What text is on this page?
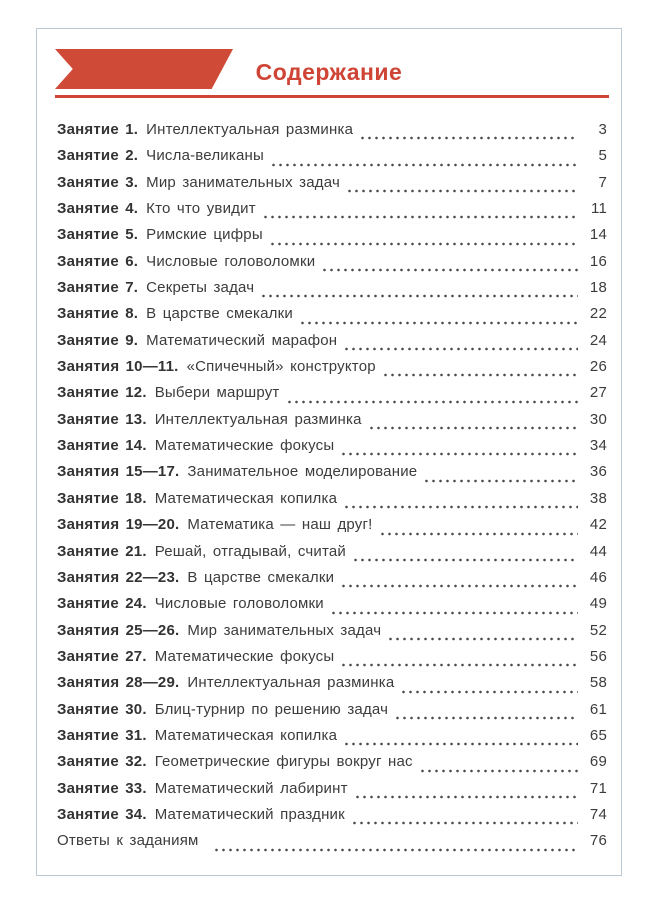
Содержание
Занятие 1. Интеллектуальная разминка	3
Занятие 2. Числа-великаны	5
Занятие 3. Мир занимательных задач	7
Занятие 4. Кто что увидит	11
Занятие 5. Римские цифры	14
Занятие 6. Числовые головоломки	16
Занятие 7. Секреты задач	18
Занятие 8. В царстве смекалки	22
Занятие 9. Математический марафон	24
Занятия 10—11. «Спичечный» конструктор	26
Занятие 12. Выбери маршрут	27
Занятие 13. Интеллектуальная разминка	30
Занятие 14. Математические фокусы	34
Занятия 15—17. Занимательное моделирование	36
Занятие 18. Математическая копилка	38
Занятия 19—20. Математика — наш друг!	42
Занятие 21. Решай, отгадывай, считай	44
Занятия 22—23. В царстве смекалки	46
Занятие 24. Числовые головоломки	49
Занятия 25—26. Мир занимательных задач	52
Занятие 27. Математические фокусы	56
Занятия 28—29. Интеллектуальная разминка	58
Занятие 30. Блиц-турнир по решению задач	61
Занятие 31. Математическая копилка	65
Занятие 32. Геометрические фигуры вокруг нас	69
Занятие 33. Математический лабиринт	71
Занятие 34. Математический праздник	74
Ответы к заданиям	76
